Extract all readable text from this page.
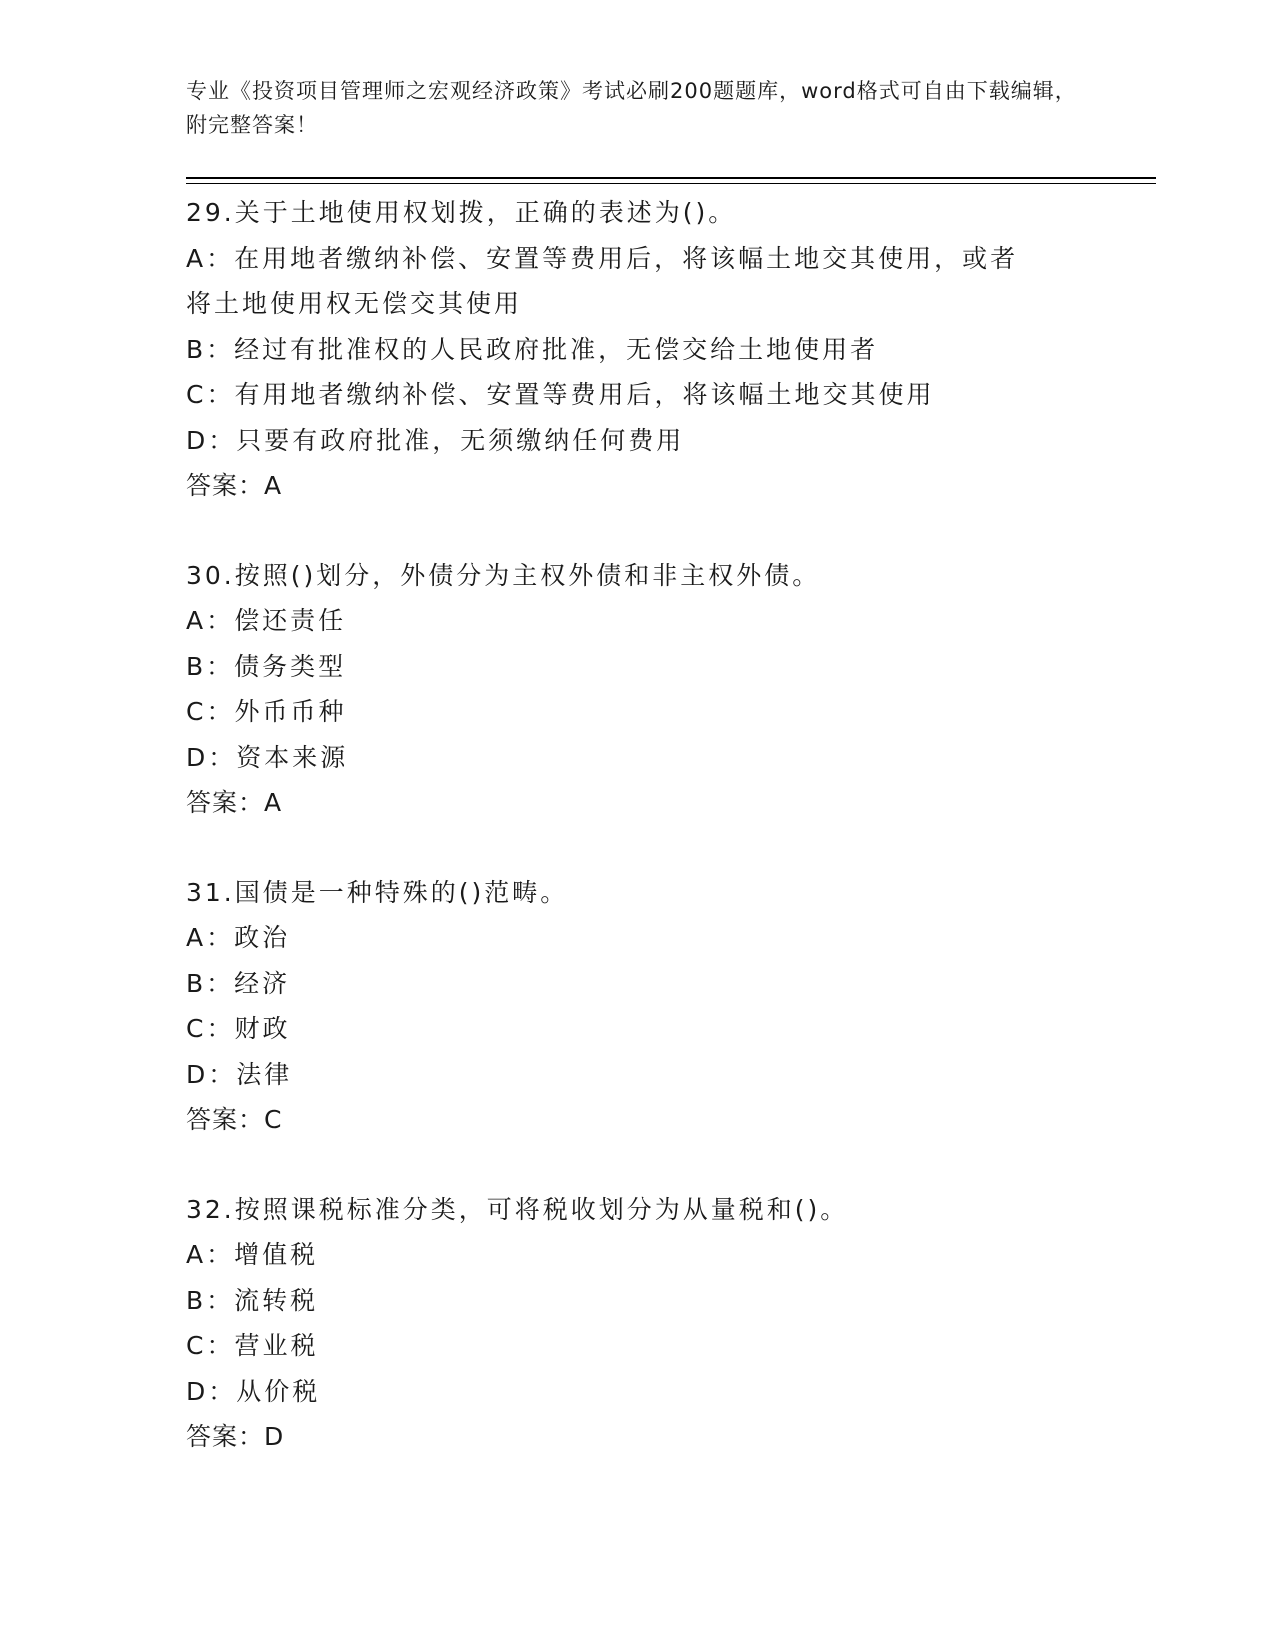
专业《投资项目管理师之宏观经济政策》考试必刷200题题库，word格式可自由下载编辑，附完整答案！
29.关于土地使用权划拨，正确的表述为()。
A：在用地者缴纳补偿、安置等费用后，将该幅土地交其使用，或者将土地使用权无偿交其使用
B：经过有批准权的人民政府批准，无偿交给土地使用者
C：有用地者缴纳补偿、安置等费用后，将该幅土地交其使用
D：只要有政府批准，无须缴纳任何费用
答案：A
30.按照()划分，外债分为主权外债和非主权外债。
A：偿还责任
B：债务类型
C：外币币种
D：资本来源
答案：A
31.国债是一种特殊的()范畴。
A：政治
B：经济
C：财政
D：法律
答案：C
32.按照课税标准分类，可将税收划分为从量税和()。
A：增值税
B：流转税
C：营业税
D：从价税
答案：D
